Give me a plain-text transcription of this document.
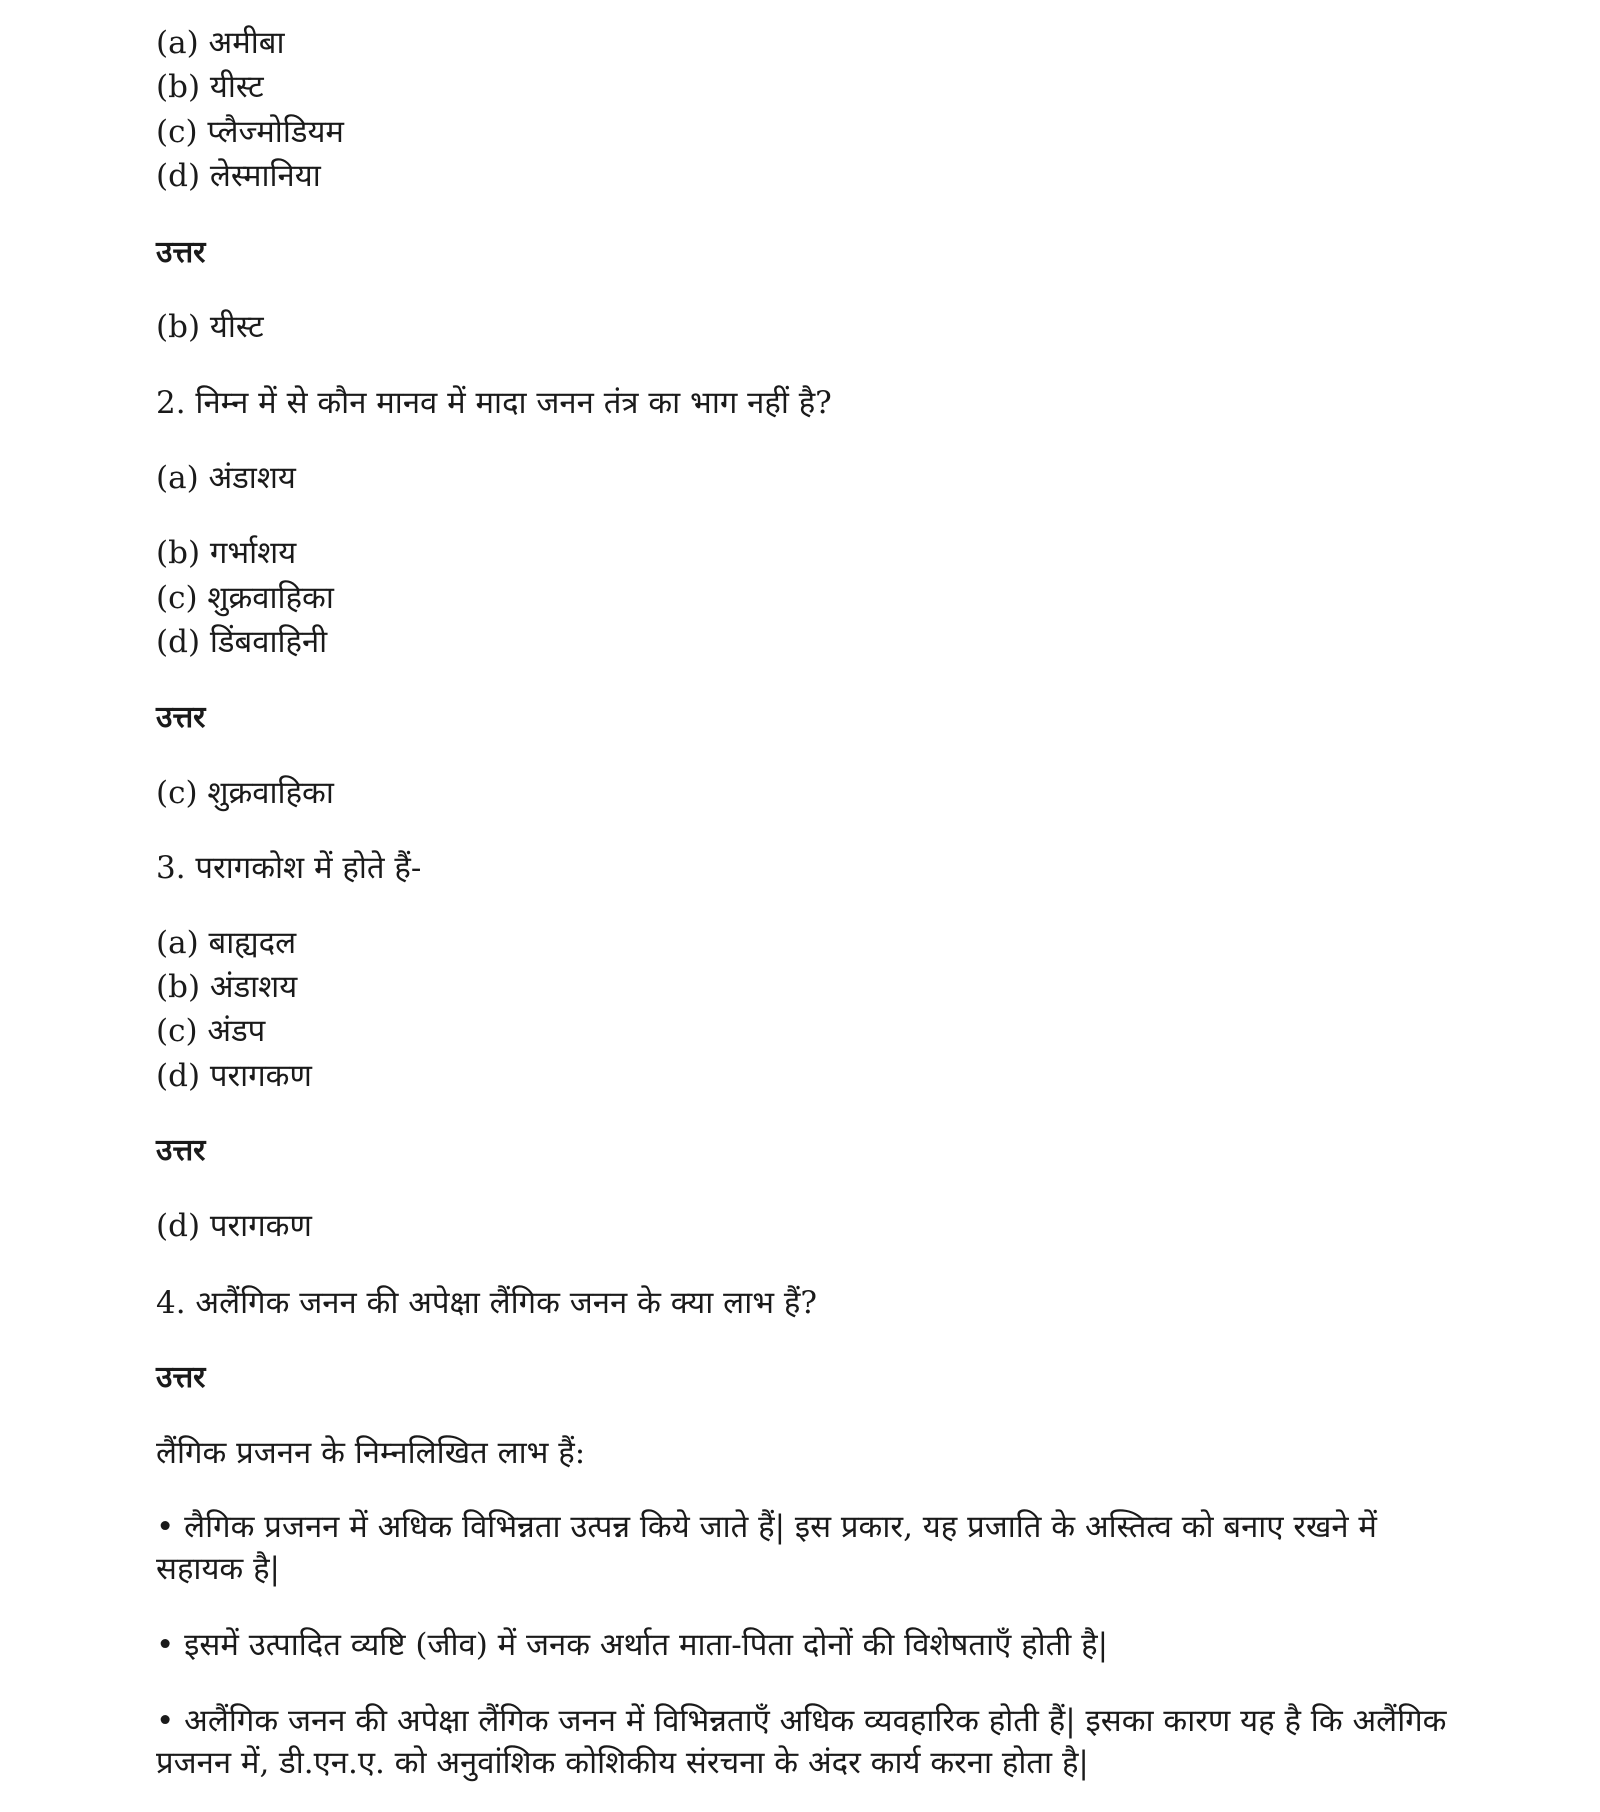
(a) अमीबा
(b) यीस्ट
(c) प्लैज्मोडियम
(d) लेस्मानिया
उत्तर
(b) यीस्ट
2. निम्न में से कौन मानव में मादा जनन तंत्र का भाग नहीं है?
(a) अंडाशय
(b) गर्भाशय
(c) शुक्रवाहिका
(d) डिंबवाहिनी
उत्तर
(c) शुक्रवाहिका
3. परागकोश में होते हैं-
(a) बाह्यदल
(b) अंडाशय
(c) अंडप
(d) परागकण
उत्तर
(d) परागकण
4. अलैंगिक जनन की अपेक्षा लैंगिक जनन के क्या लाभ हैं?
उत्तर
लैंगिक प्रजनन के निम्नलिखित लाभ हैं:
• लैगिक प्रजनन में अधिक विभिन्नता उत्पन्न किये जाते हैं| इस प्रकार, यह प्रजाति के अस्तित्व को बनाए रखने में सहायक है|
• इसमें उत्पादित व्यष्टि (जीव) में जनक अर्थात माता-पिता दोनों की विशेषताएँ होती है|
• अलैंगिक जनन की अपेक्षा लैंगिक जनन में विभिन्नताएँ अधिक व्यवहारिक होती हैं| इसका कारण यह है कि अलैंगिक प्रजनन में, डी.एन.ए. को अनुवांशिक कोशिकीय संरचना के अंदर कार्य करना होता है|
